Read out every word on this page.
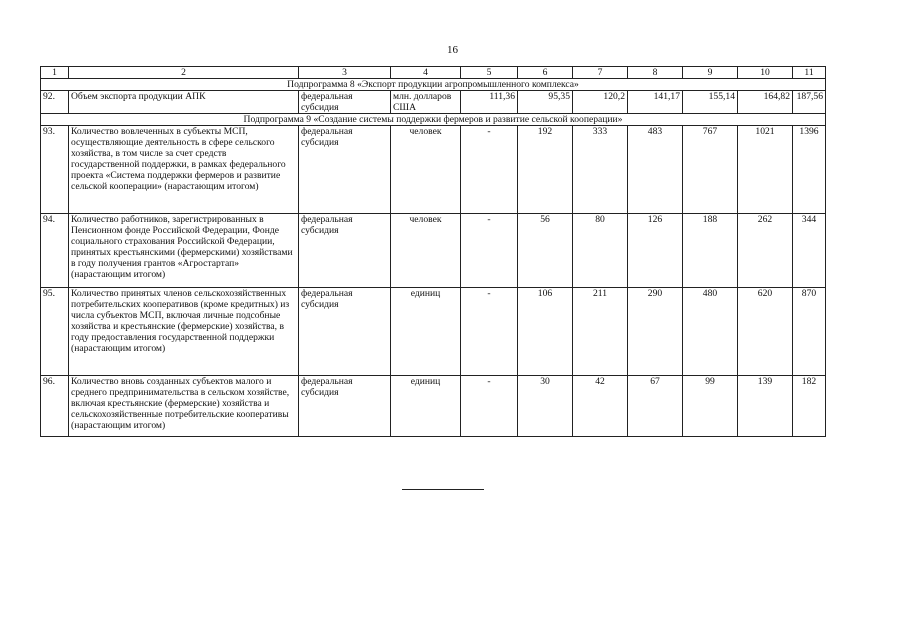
16
1	2	3	4	5	6	7	8	9	10	11
Подпрограмма 8 «Экспорт продукции агропромышленного комплекса»										
92.	Объем экспорта продукции АПК	федеральная субсидия	млн. долларов США	111,36	95,35	120,2	141,17	155,14	164,82	187,56
Подпрограмма 9 «Создание системы поддержки фермеров и развитие сельской кооперации»										
93.	Количество вовлеченных в субъекты МСП, осуществляющие деятельность в сфере сельского хозяйства, в том числе за счет средств государственной поддержки, в рамках федерального проекта «Система поддержки фермеров и развитие сельской кооперации» (нарастающим итогом)	федеральная субсидия	человек	-	192	333	483	767	1021	1396
94.	Количество работников, зарегистрированных в Пенсионном фонде Российской Федерации, Фонде социального страхования Российской Федерации, принятых крестьянскими (фермерскими) хозяйствами в году получения грантов «Агростартап» (нарастающим итогом)	федеральная субсидия	человек	-	56	80	126	188	262	344
95.	Количество принятых членов сельскохозяйственных потребительских кооперативов (кроме кредитных) из числа субъектов МСП, включая личные подсобные хозяйства и крестьянские (фермерские) хозяйства, в году предоставления государственной поддержки (нарастающим итогом)	федеральная субсидия	единиц	-	106	211	290	480	620	870
96.	Количество вновь созданных субъектов малого и среднего предпринимательства в сельском хозяйстве, включая крестьянские (фермерские) хозяйства и сельскохозяйственные потребительские кооперативы (нарастающим итогом)	федеральная субсидия	единиц	-	30	42	67	99	139	182
